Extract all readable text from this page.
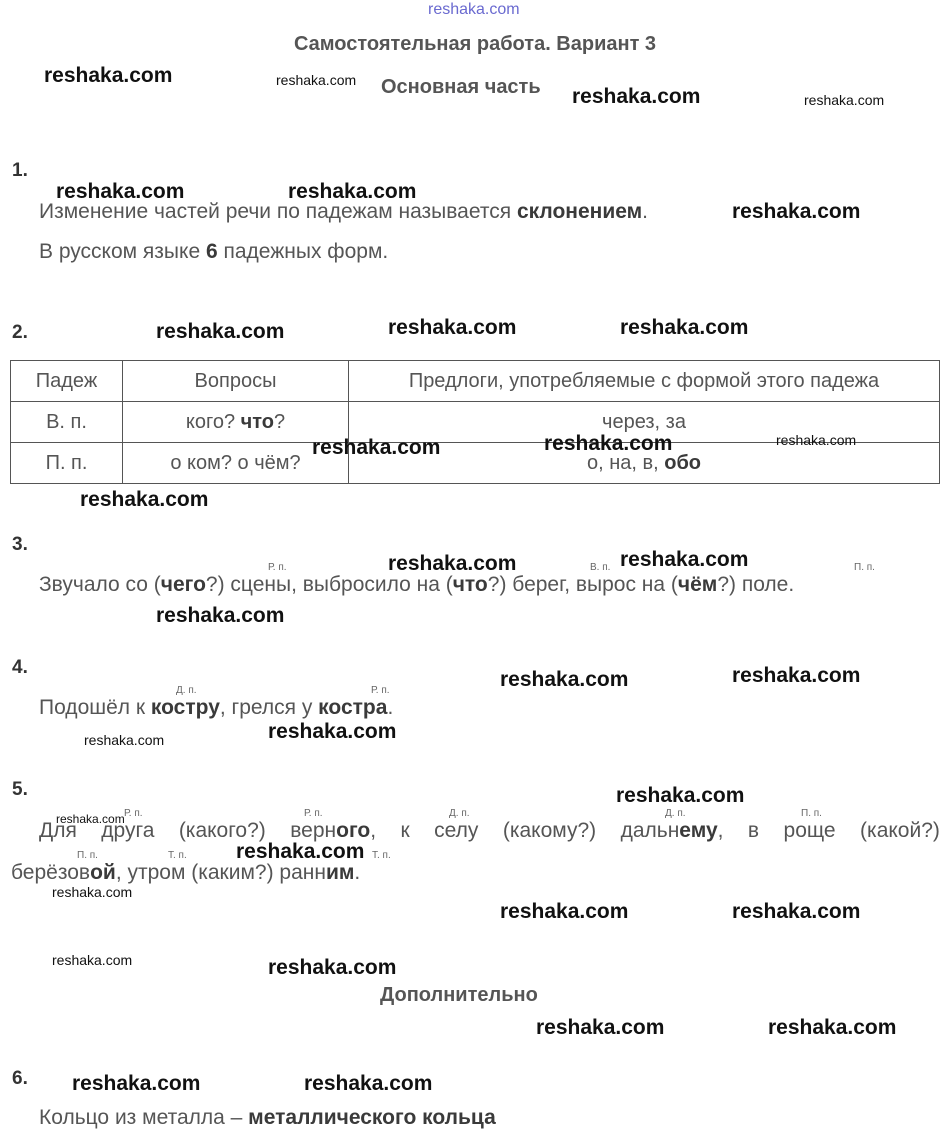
reshaka.com
Самостоятельная работа. Вариант 3
Основная часть
1.
Изменение частей речи по падежам называется склонением.
В русском языке 6 падежных форм.
2.
Падеж	Вопросы	Предлоги, употребляемые с формой этого падежа
В. п.	кого? что?	через, за
П. п.	о ком? о чём?	о, на, в, обо
3.
Р. п.	В. п.	П. п.
Звучало со (чего?) сцены, выбросило на (что?) берег, вырос на (чём?) поле.
4.
Д. п.	Р. п.
Подошёл к костру, грелся у костра.
5.
Р. п.	Р. п.	Д. п.	Д. п.	П. п.
Для друга (какого?) верного, к селу (какому?) дальнему, в роще (какой?)
П. п.	Т. п.	Т. п.
берёзовой, утром (каким?) ранним.
Дополнительно
6.
Кольцо из металла – металлического кольца
reshaka.com	reshaka.com
reshaka.com	reshaka.com
reshaka.com	reshaka.com
reshaka.com
reshaka.com	reshaka.com	reshaka.com
reshaka.com	reshaka.com	reshaka.com
reshaka.com
reshaka.com	reshaka.com
reshaka.com
reshaka.com	reshaka.com
reshaka.com	reshaka.com
reshaka.com
reshaka.com
reshaka.com
reshaka.com
reshaka.com	reshaka.com
reshaka.com	reshaka.com
reshaka.com	reshaka.com
reshaka.com	reshaka.com
